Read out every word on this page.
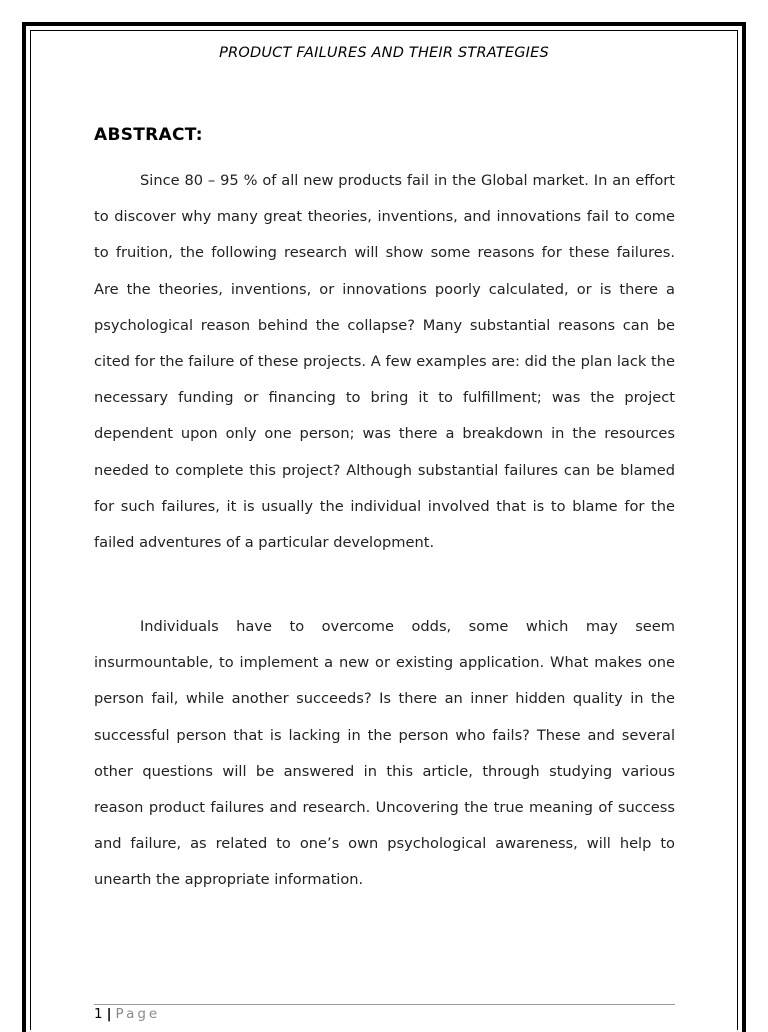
PRODUCT FAILURES AND THEIR STRATEGIES
ABSTRACT:

Since 80 – 95 % of all new products fail in the Global market. In an effort to discover why many great theories, inventions, and innovations fail to come to fruition, the following research will show some reasons for these failures. Are the theories, inventions, or innovations poorly calculated, or is there a psychological reason behind the collapse? Many substantial reasons can be cited for the failure of these projects. A few examples are: did the plan lack the necessary funding or financing to bring it to fulfillment; was the project dependent upon only one person; was there a breakdown in the resources needed to complete this project? Although substantial failures can be blamed for such failures, it is usually the individual involved that is to blame for the failed adventures of a particular development.

Individuals have to overcome odds, some which may seem insurmountable, to implement a new or existing application. What makes one person fail, while another succeeds? Is there an inner hidden quality in the successful person that is lacking in the person who fails? These and several other questions will be answered in this article, through studying various reason product failures and research. Uncovering the true meaning of success and failure, as related to one’s own psychological awareness, will help to unearth the appropriate information.

1 | Page
